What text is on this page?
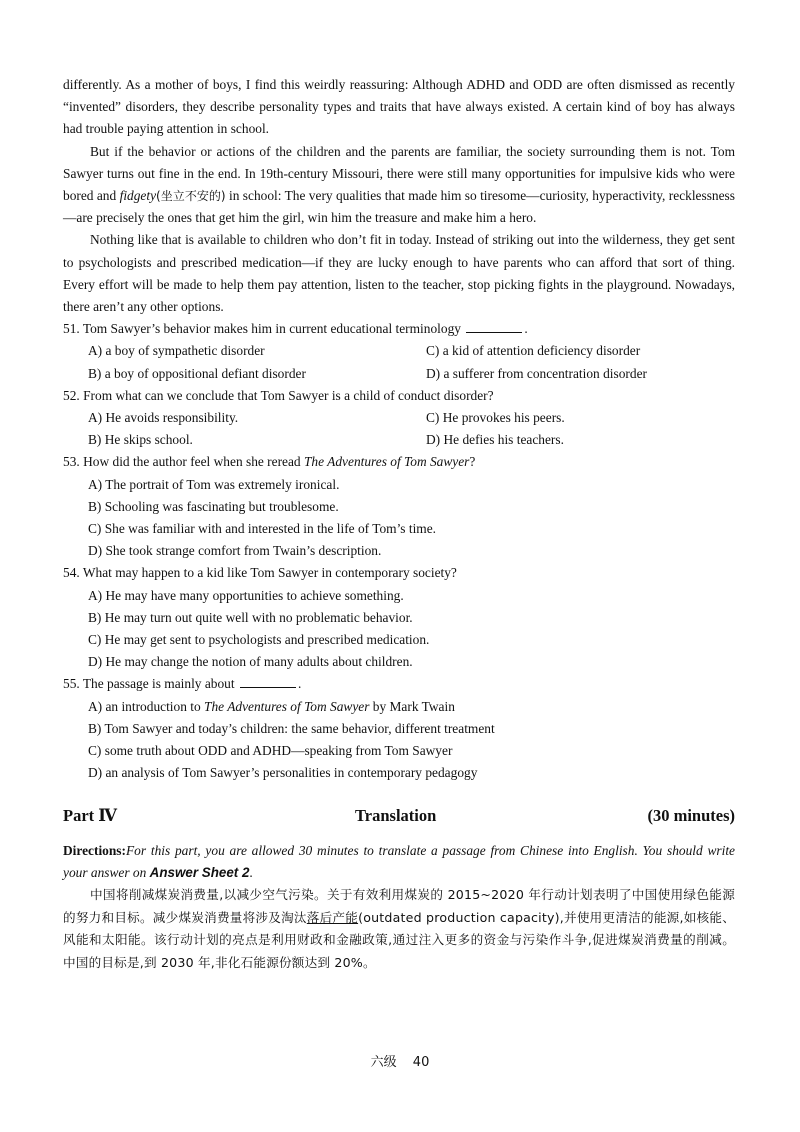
differently. As a mother of boys, I find this weirdly reassuring: Although ADHD and ODD are often dismissed as recently “invented” disorders, they describe personality types and traits that have always existed. A certain kind of boy has always had trouble paying attention in school.

But if the behavior or actions of the children and the parents are familiar, the society surrounding them is not. Tom Sawyer turns out fine in the end. In 19th-century Missouri, there were still many opportunities for impulsive kids who were bored and fidgety(坐立不安的) in school: The very qualities that made him so tiresome—curiosity, hyperactivity, recklessness—are precisely the ones that get him the girl, win him the treasure and make him a hero.

Nothing like that is available to children who don’t fit in today. Instead of striking out into the wilderness, they get sent to psychologists and prescribed medication—if they are lucky enough to have parents who can afford that sort of thing. Every effort will be made to help them pay attention, listen to the teacher, stop picking fights in the playground. Nowadays, there aren’t any other options.

51. Tom Sawyer’s behavior makes him in current educational terminology	.

A) a boy of sympathetic disorder	C) a kid of attention deficiency disorder
B) a boy of oppositional defiant disorder	D) a sufferer from concentration disorder

52. From what can we conclude that Tom Sawyer is a child of conduct disorder?

A) He avoids responsibility.	C) He provokes his peers.
B) He skips school.	D) He defies his teachers.

53. How did the author feel when she reread The Adventures of Tom Sawyer?

A) The portrait of Tom was extremely ironical.
B) Schooling was fascinating but troublesome.
C) She was familiar with and interested in the life of Tom’s time.
D) She took strange comfort from Twain’s description.

54. What may happen to a kid like Tom Sawyer in contemporary society?

A) He may have many opportunities to achieve something.
B) He may turn out quite well with no problematic behavior.
C) He may get sent to psychologists and prescribed medication.
D) He may change the notion of many adults about children.

55. The passage is mainly about	.

A) an introduction to The Adventures of Tom Sawyer by Mark Twain
B) Tom Sawyer and today’s children: the same behavior, different treatment
C) some truth about ODD and ADHD—speaking from Tom Sawyer
D) an analysis of Tom Sawyer’s personalities in contemporary pedagogy
Part Ⅳ	Translation	(30 minutes)

Directions:For this part, you are allowed 30 minutes to translate a passage from Chinese into English. You should write your answer on Answer Sheet 2.

中国将削减煤炭消费量,以减少空气污染。关于有效利用煤炭的 2015~2020 年行动计划表明了中国使用绿色能源的努力和目标。减少煤炭消费量将涉及淘汰落后产能(outdated production capacity),并使用更清洁的能源,如核能、风能和太阳能。该行动计划的亮点是利用财政和金融政策,通过注入更多的资金与污染作斗争,促进煤炭消费量的削减。中国的目标是,到 2030 年,非化石能源份额达到 20%。

六级 40
